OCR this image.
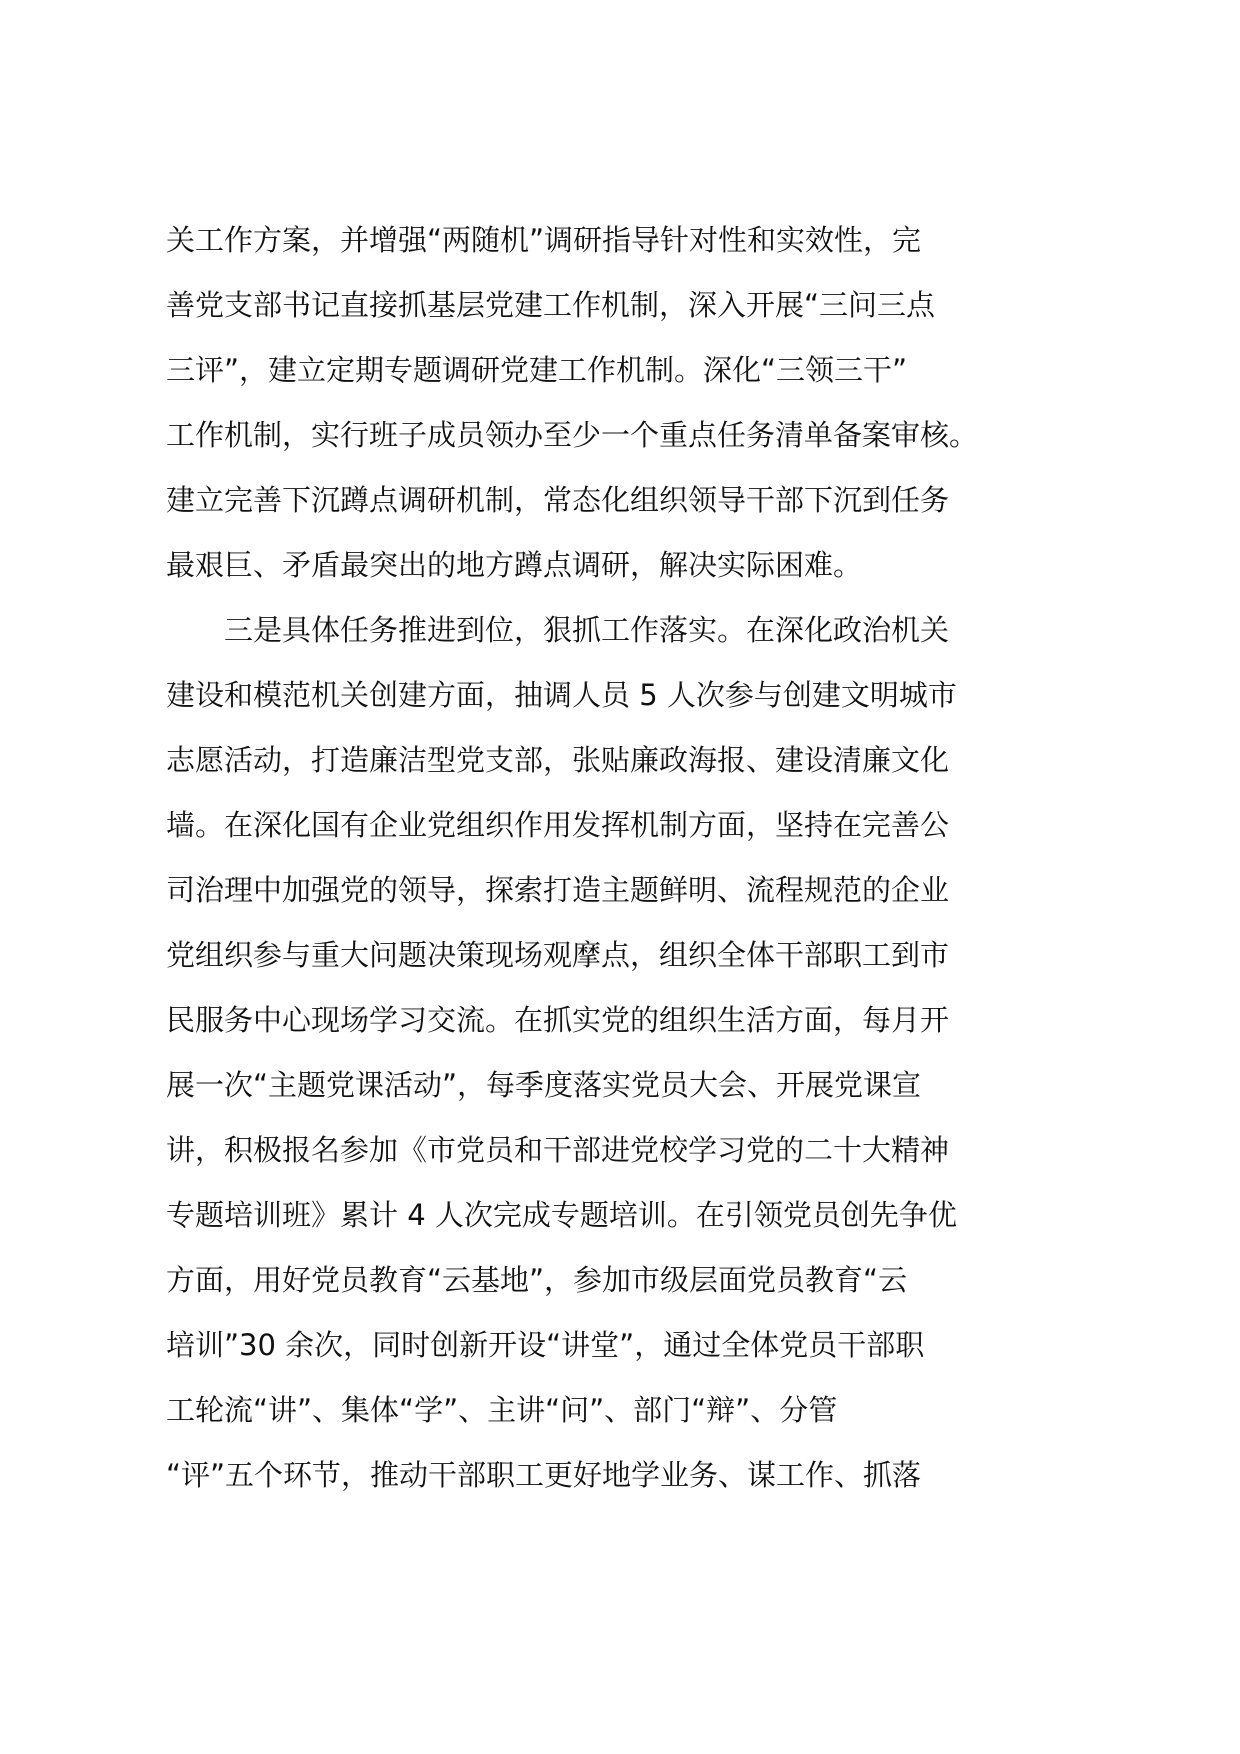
关工作方案，并增强“两随机”调研指导针对性和实效性，完
善党支部书记直接抓基层党建工作机制，深入开展“三问三点
三评”，建立定期专题调研党建工作机制。深化“三领三干”
工作机制，实行班子成员领办至少一个重点任务清单备案审核。
建立完善下沉蹲点调研机制，常态化组织领导干部下沉到任务
最艰巨、矛盾最突出的地方蹲点调研，解决实际困难。
　　三是具体任务推进到位，狠抓工作落实。在深化政治机关
建设和模范机关创建方面，抽调人员 5 人次参与创建文明城市
志愿活动，打造廉洁型党支部，张贴廉政海报、建设清廉文化
墙。在深化国有企业党组织作用发挥机制方面，坚持在完善公
司治理中加强党的领导，探索打造主题鲜明、流程规范的企业
党组织参与重大问题决策现场观摩点，组织全体干部职工到市
民服务中心现场学习交流。在抓实党的组织生活方面，每月开
展一次“主题党课活动”，每季度落实党员大会、开展党课宣
讲，积极报名参加《市党员和干部进党校学习党的二十大精神
专题培训班》累计 4 人次完成专题培训。在引领党员创先争优
方面，用好党员教育“云基地”，参加市级层面党员教育“云
培训”30 余次，同时创新开设“讲堂”，通过全体党员干部职
工轮流“讲”、集体“学”、主讲“问”、部门“辩”、分管
“评”五个环节，推动干部职工更好地学业务、谋工作、抓落
